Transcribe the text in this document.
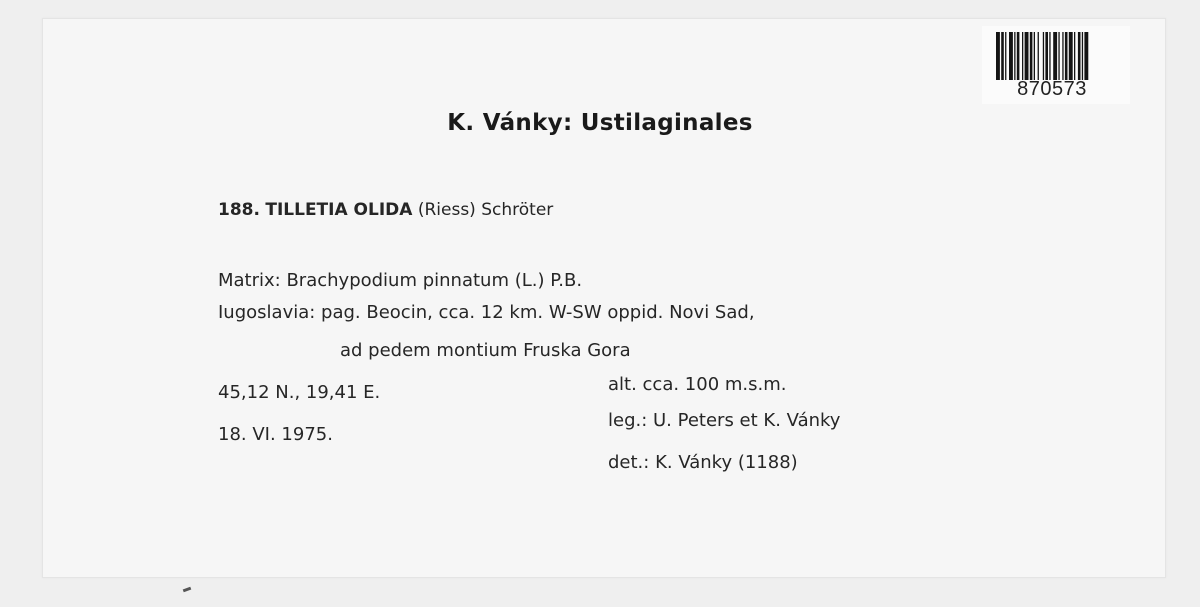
870573
K. Vánky: Ustilaginales
188. TILLETIA OLIDA (Riess) Schröter
Matrix: Brachypodium pinnatum (L.) P.B.
Iugoslavia: pag. Beocin, cca. 12 km. W-SW oppid. Novi Sad,
ad pedem montium Fruska Gora
45,12 N., 19,41 E.
18. VI. 1975.
alt. cca. 100 m.s.m.
leg.: U. Peters et K. Vánky
det.: K. Vánky (1188)
